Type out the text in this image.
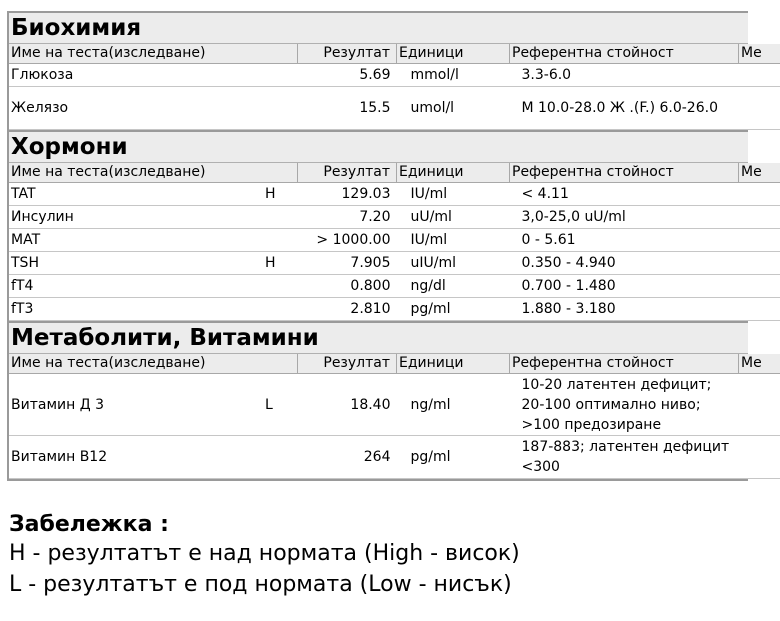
Биохимия
Име на теста(изследване)		Резултат	Единици	Референтна стойност	Ме
Глюкоза		5.69	mmol/l	3.3-6.0	
Желязо		15.5	umol/l	М 10.0-28.0 Ж .(F.) 6.0-26.0	
Хормони
Име на теста(изследване)		Резултат	Единици	Референтна стойност	Ме
TAT	H	129.03	IU/ml	< 4.11	
Инсулин		7.20	uU/ml	3,0-25,0 uU/ml	
MAT		> 1000.00	IU/ml	0 - 5.61	
TSH	H	7.905	uIU/ml	0.350 - 4.940	
fT4		0.800	ng/dl	0.700 - 1.480	
fT3		2.810	pg/ml	1.880 - 3.180	
Метаболити, Витамини
Име на теста(изследване)		Резултат	Единици	Референтна стойност	Ме
Витамин Д 3	L	18.40	ng/ml	10-20 латентен дефицит; 20-100 оптимално ниво; >100 предозиране	
Витамин В12		264	pg/ml	187-883; латентен дефицит <300	
Забележка :
H - резултатът е над нормата (High - висок)
L - резултатът е под нормата (Low - нисък)
